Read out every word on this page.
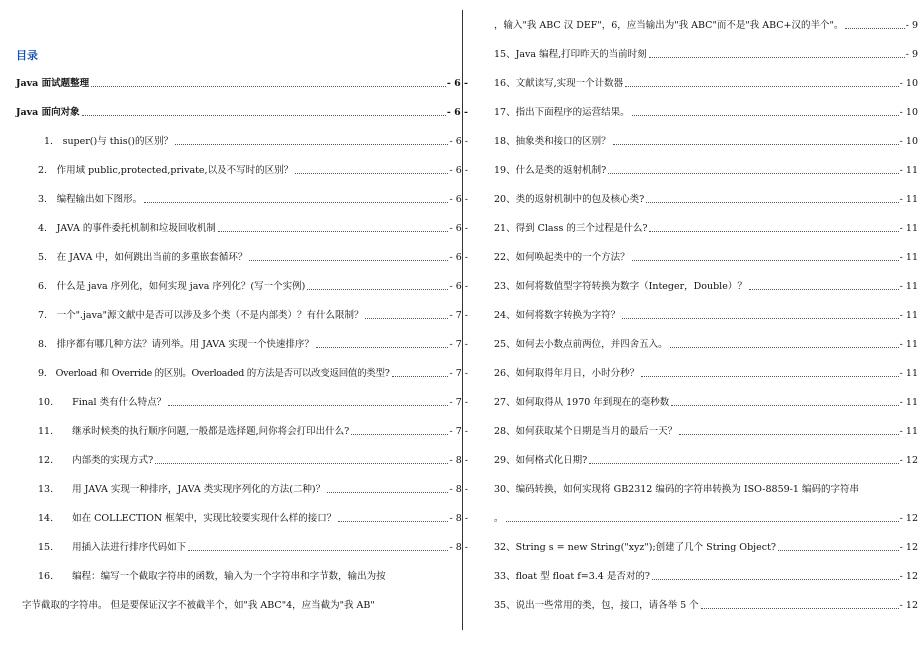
目录
Java 面试题整理	- 6 -
Java 面向对象	- 6 -
1.　super()与 this()的区别？	- 6 -
2.　作用域 public,protected,private,以及不写时的区别？	- 6 -
3.　编程输出如下图形。	- 6 -
4.　JAVA 的事件委托机制和垃圾回收机制	- 6 -
5.　在 JAVA 中，如何跳出当前的多重嵌套循环？	- 6 -
6.　什么是 java 序列化，如何实现 java 序列化？(写一个实例)	- 6 -
7.　一个".java"源文献中是否可以涉及多个类（不是内部类）？有什么限制？	- 7 -
8.　排序都有哪几种方法？请列举。用 JAVA 实现一个快速排序？	- 7 -
9.　Overload 和 Override 的区别。Overloaded 的方法是否可以改变返回值的类型?	- 7 -
10.　　Final 类有什么特点？	- 7 -
11.　　继承时候类的执行顺序问题,一般都是选择题,问你将会打印出什么?	- 7 -
12.　　内部类的实现方式?	- 8 -
13.　　用 JAVA 实现一种排序，JAVA 类实现序列化的方法(二种)？	- 8 -
14.　　如在 COLLECTION 框架中，实现比较要实现什么样的接口？	- 8 -
15.　　用插入法进行排序代码如下	- 8 -
16.　　编程：编写一个截取字符串的函数，输入为一个字符串和字节数，输出为按
字节截取的字符串。 但是要保证汉字不被截半个，如"我 ABC"4，应当截为"我 AB"
，输入"我 ABC 汉 DEF"，6，应当输出为"我 ABC"而不是"我 ABC+汉的半个"。	- 9
15、Java 编程,打印昨天的当前时刻	- 9
16、文献读写,实现一个计数器	- 10
17、指出下面程序的运营结果。	- 10
18、抽象类和接口的区别？	- 10
19、什么是类的返射机制?	- 11
20、类的返射机制中的包及核心类?	- 11
21、得到 Class 的三个过程是什么?	- 11
22、如何唤起类中的一个方法？	- 11
23、如何将数值型字符转换为数字（Integer，Double）？	- 11
24、如何将数字转换为字符？	- 11
25、如何去小数点前两位，并四舍五入。	- 11
26、如何取得年月日，小时分秒？	- 11
27、如何取得从 1970 年到现在的毫秒数	- 11
28、如何获取某个日期是当月的最后一天？	- 11
29、如何格式化日期?	- 12
30、编码转换，如何实现将 GB2312 编码的字符串转换为 ISO-8859-1 编码的字符串
。	- 12
32、String s = new String("xyz");创建了几个 String Object?	- 12
33、float 型 float f=3.4 是否对的?	- 12
35、说出一些常用的类，包，接口，请各举 5 个	- 12
